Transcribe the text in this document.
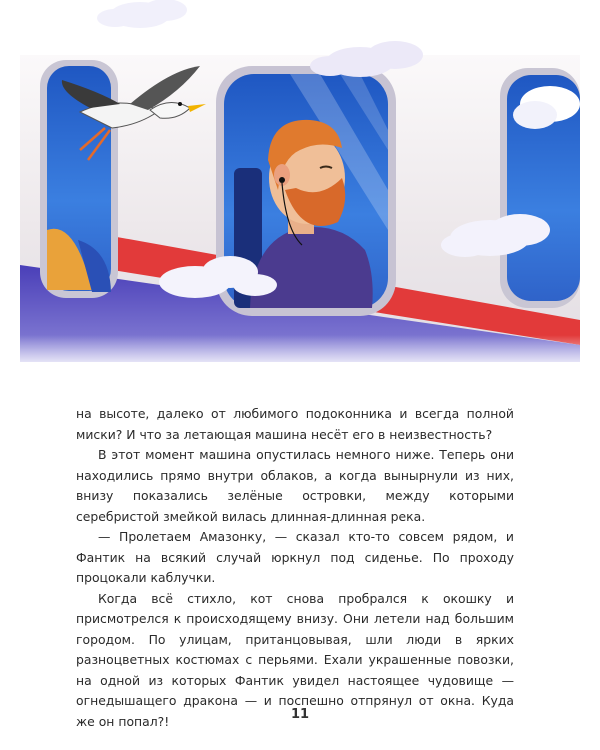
на высоте, далеко от любимого подоконника и всегда полной миски? И что за летающая машина несёт его в неизвестность?

В этот момент машина опустилась немного ниже. Теперь они находились прямо внутри облаков, а когда вынырнули из них, внизу показались зелёные островки, между которыми серебристой змейкой вилась длинная-длинная река.

— Пролетаем Амазонку, — сказал кто-то совсем рядом, и Фантик на всякий случай юркнул под сиденье. По проходу процокали каблучки.

Когда всё стихло, кот снова пробрался к окошку и присмотрелся к происходящему внизу. Они летели над большим городом. По улицам, пританцовывая, шли люди в ярких разноцветных костюмах с перьями. Ехали украшенные повозки, на одной из которых Фантик увидел настоящее чудовище — огнедышащего дракона — и поспешно отпрянул от окна. Куда же он попал?!	11
